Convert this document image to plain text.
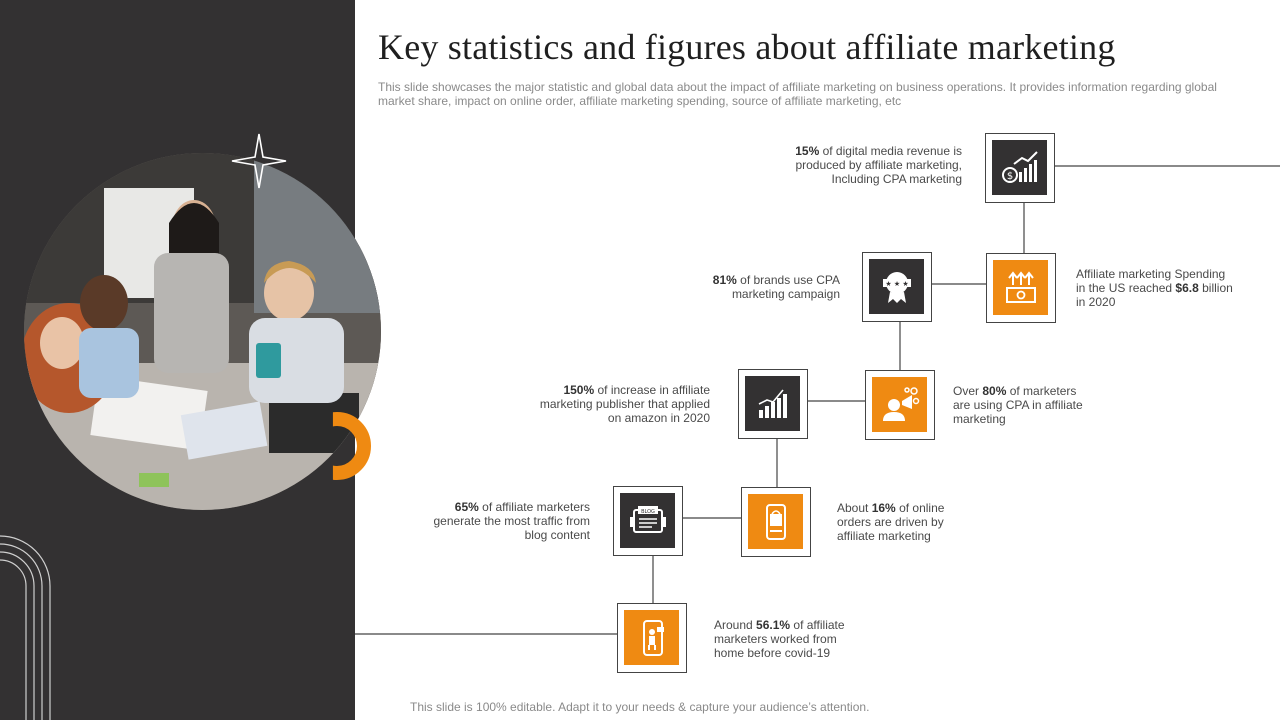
Key statistics and figures about affiliate marketing

This slide showcases the major statistic and global data about the impact of affiliate marketing on business operations. It provides information regarding global market share, impact on online order, affiliate marketing spending, source of affiliate marketing, etc

$

15% of digital media revenue is produced by affiliate marketing, Including CPA marketing

Affiliate marketing Spending in the US reached $6.8 billion in 2020

★ ★ ★

81% of brands use CPA marketing campaign

Over 80% of marketers are using CPA in affiliate marketing

150% of increase in affiliate marketing publisher that applied on amazon in 2020

About 16% of online orders are driven by affiliate marketing

BLOG

65% of affiliate marketers generate the most traffic from blog content

Around 56.1% of affiliate marketers worked from home before covid-19

This slide is 100% editable. Adapt it to your needs & capture your audience’s attention.
